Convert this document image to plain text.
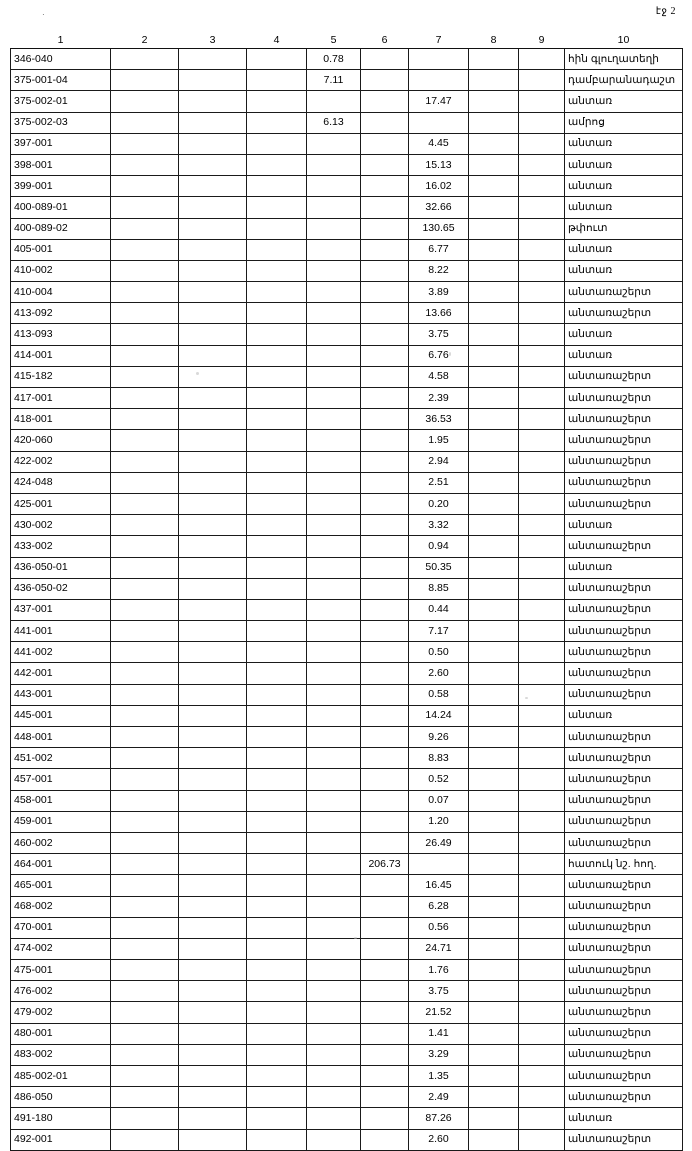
·	էջ 2
1	2	3	4	5	6	7	8	9	10
346-040				0.78					հին գլուղատեղի
375-001-04				7.11					դամբարանադաշտ
375-002-01						17.47			անտառ
375-002-03				6.13					ամրոց
397-001						4.45			անտառ
398-001						15.13			անտառ
399-001						16.02			անտառ
400-089-01						32.66			անտառ
400-089-02						130.65			թփուտ
405-001						6.77			անտառ
410-002						8.22			անտառ
410-004						3.89			անտառաշերտ
413-092						13.66			անտառաշերտ
413-093						3.75			անտառ
414-001						6.76			անտառ
415-182						4.58			անտառաշերտ
417-001						2.39			անտառաշերտ
418-001						36.53			անտառաշերտ
420-060						1.95			անտառաշերտ
422-002						2.94			անտառաշերտ
424-048						2.51			անտառաշերտ
425-001						0.20			անտառաշերտ
430-002						3.32			անտառ
433-002						0.94			անտառաշերտ
436-050-01						50.35			անտառ
436-050-02						8.85			անտառաշերտ
437-001						0.44			անտառաշերտ
441-001						7.17			անտառաշերտ
441-002						0.50			անտառաշերտ
442-001						2.60			անտառաշերտ
443-001						0.58			անտառաշերտ
445-001						14.24			անտառ
448-001						9.26			անտառաշերտ
451-002						8.83			անտառաշերտ
457-001						0.52			անտառաշերտ
458-001						0.07			անտառաշերտ
459-001						1.20			անտառաշերտ
460-002						26.49			անտառաշերտ
464-001					206.73				հատուկ նշ. հող.
465-001						16.45			անտառաշերտ
468-002						6.28			անտառաշերտ
470-001						0.56			անտառաշերտ
474-002						24.71			անտառաշերտ
475-001						1.76			անտառաշերտ
476-002						3.75			անտառաշերտ
479-002						21.52			անտառաշերտ
480-001						1.41			անտառաշերտ
483-002						3.29			անտառաշերտ
485-002-01						1.35			անտառաշերտ
486-050						2.49			անտառաշերտ
491-180						87.26			անտառ
492-001						2.60			անտառաշերտ
